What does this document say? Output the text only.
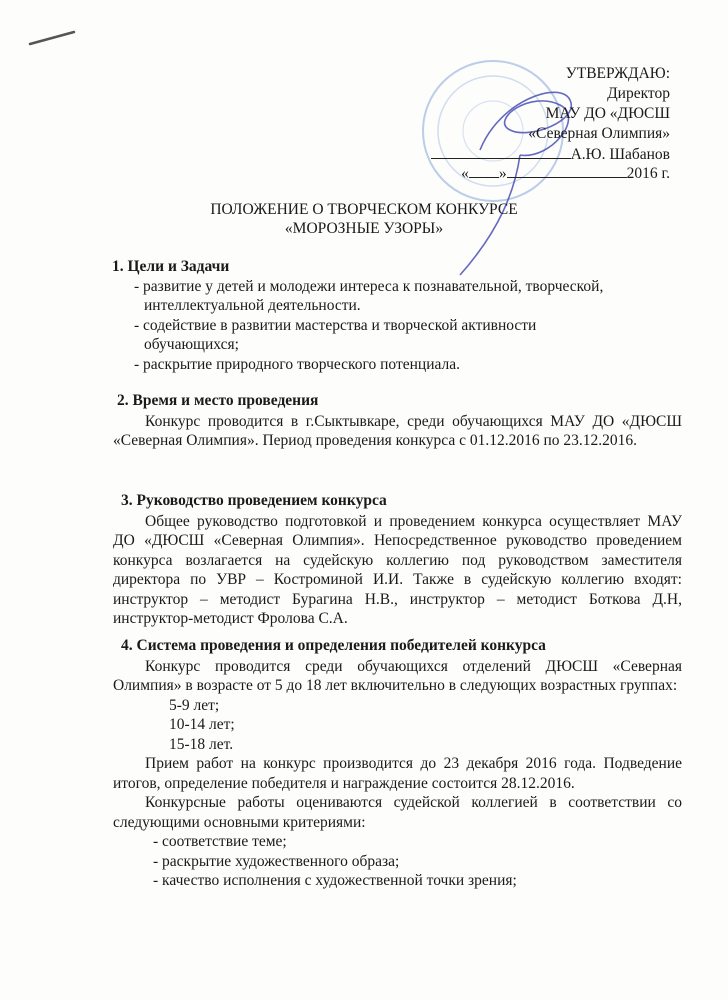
УТВЕРЖДАЮ:
Директор
МАУ ДО «ДЮСШ
«Северная Олимпия»
А.Ю. Шабанов
« »	2016 г.
ПОЛОЖЕНИЕ О ТВОРЧЕСКОМ КОНКУРСЕ
«МОРОЗНЫЕ УЗОРЫ»
1. Цели и Задачи
- развитие у детей и молодежи интереса к познавательной, творческой,
интеллектуальной деятельности.
- содействие в развитии мастерства и творческой активности
обучающихся;
- раскрытие природного творческого потенциала.
2. Время и место проведения

Конкурс проводится в г.Сыктывкаре, среди обучающихся МАУ ДО «ДЮСШ «Северная Олимпия». Период проведения конкурса с 01.12.2016 по 23.12.2016.

3. Руководство проведением конкурса

Общее руководство подготовкой и проведением конкурса осуществляет МАУ ДО «ДЮСШ «Северная Олимпия». Непосредственное руководство проведением конкурса возлагается на судейскую коллегию под руководством заместителя директора по УВР – Костроминой И.И. Также в судейскую коллегию входят: инструктор – методист Бурагина Н.В., инструктор – методист Боткова Д.Н, инструктор-методист Фролова С.А.

4. Система проведения и определения победителей конкурса

Конкурс проводится среди обучающихся отделений ДЮСШ «Северная Олимпия» в возрасте от 5 до 18 лет включительно в следующих возрастных группах:

5-9 лет;
10-14 лет;
15-18 лет.

Прием работ на конкурс производится до 23 декабря 2016 года. Подведение итогов, определение победителя и награждение состоится 28.12.2016.

Конкурсные работы оцениваются судейской коллегией в соответствии со следующими основными критериями:

- соответствие теме;
- раскрытие художественного образа;
- качество исполнения с художественной точки зрения;
